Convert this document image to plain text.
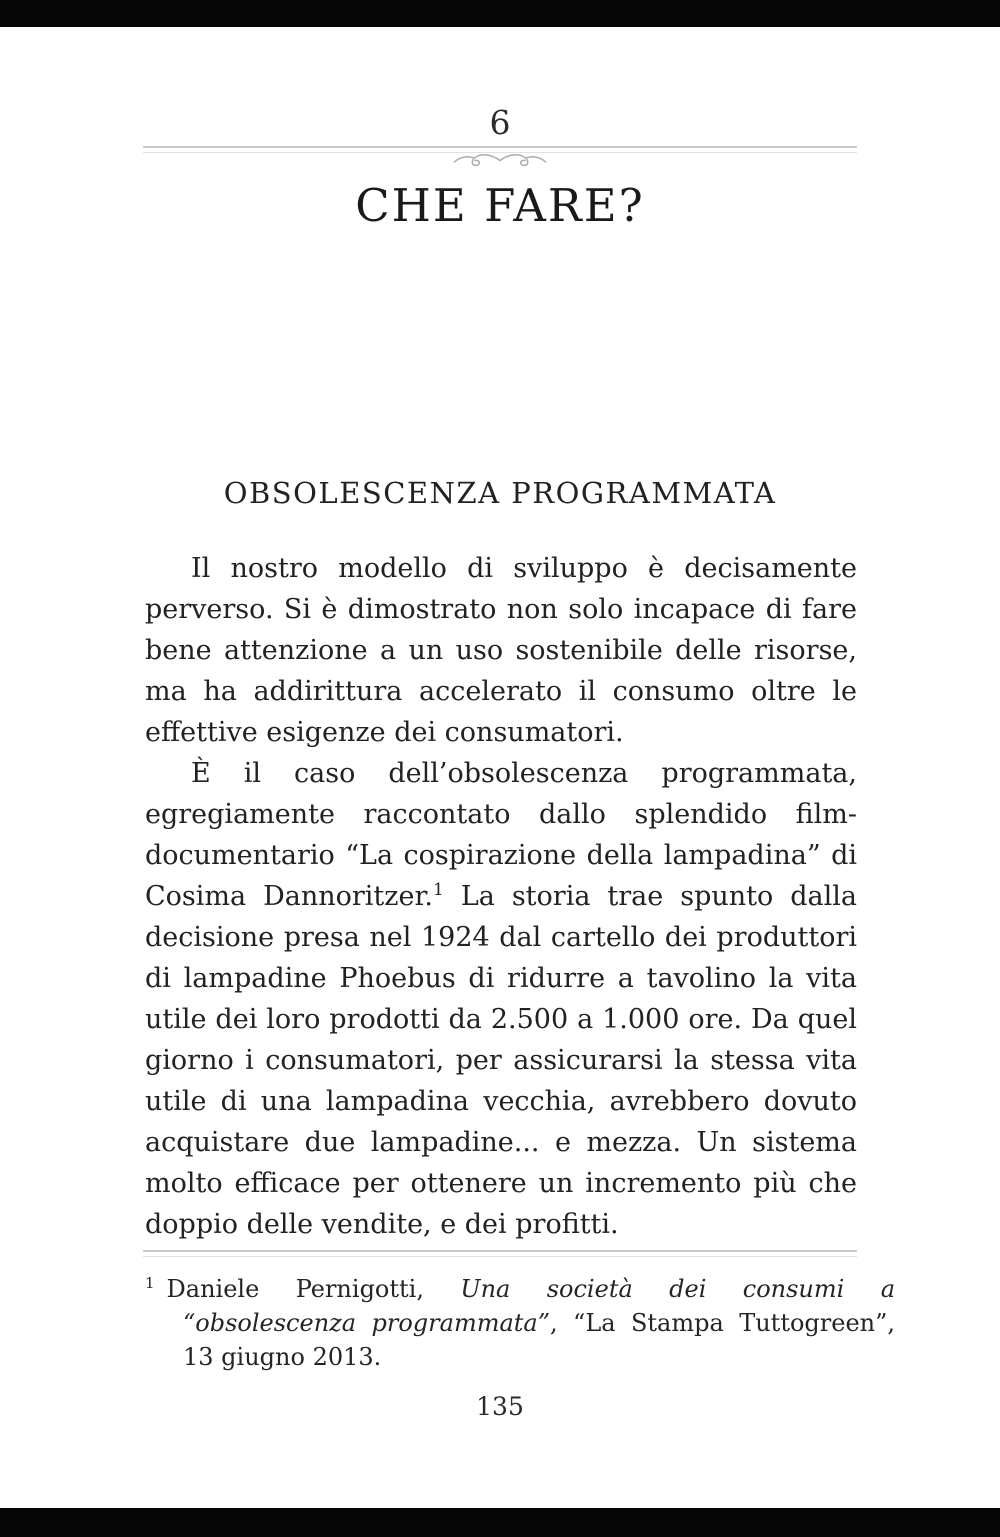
6
CHE FARE?
OBSOLESCENZA PROGRAMMATA

Il nostro modello di sviluppo è decisamente perverso. Si è dimostrato non solo incapace di fare bene attenzione a un uso sostenibile delle risorse, ma ha addirittura accelerato il consumo oltre le effettive esigenze dei consumatori.

È il caso dell’obsolescenza programmata, egregiamente raccontato dallo splendido film-documentario “La cospirazione della lampadina” di Cosima Dannoritzer.$^1$ La storia trae spunto dalla decisione presa nel 1924 dal cartello dei produttori di lampadine Phoebus di ridurre a tavolino la vita utile dei loro prodotti da 2.500 a 1.000 ore. Da quel giorno i consumatori, per assicurarsi la stessa vita utile di una lampadina vecchia, avrebbero dovuto acquistare due lampadine... e mezza. Un sistema molto efficace per ottenere un incremento più che doppio delle vendite, e dei profitti.

$^1$ Daniele Pernigotti, Una società dei consumi a “obsolescenza programmata”, “La Stampa Tuttogreen”, 13 giugno 2013.
135
